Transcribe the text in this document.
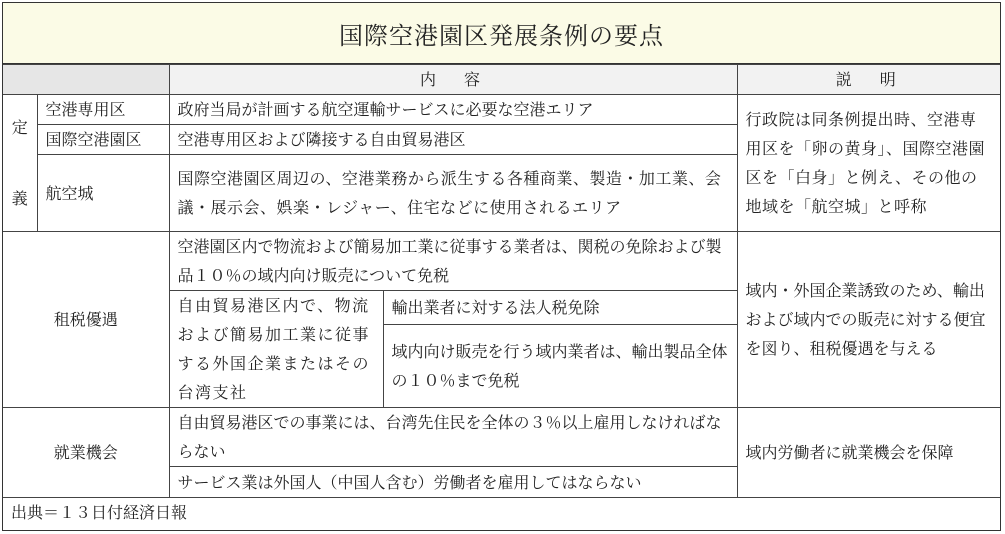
国際空港園区発展条例の要点
		内　容		説　明

定
義	空港専用区	政府当局が計画する航空運輸サービスに必要な空港エリア		行政院は同条例提出時、空港専用区を「卵の黄身」、国際空港園区を「白身」と例え、その他の地域を「航空城」と呼称
	国際空港園区	空港専用区および隣接する自由貿易港区		
	航空城	国際空港園区周辺の、空港業務から派生する各種商業、製造・加工業、会議・展示会、娯楽・レジャー、住宅などに使用されるエリア		
租税優遇		空港園区内で物流および簡易加工業に従事する業者は、関税の免除および製品１０％の域内向け販売について免税		域内・外国企業誘致のため、輸出および域内での販売に対する便宜を図り、租税優遇を与える
		自由貿易港区内で、物流および簡易加工業に従事する外国企業またはその台湾支社	輸出業者に対する法人税免除	
			域内向け販売を行う域内業者は、輸出製品全体の１０％まで免税	
就業機会		自由貿易港区での事業には、台湾先住民を全体の３％以上雇用しなければならない		域内労働者に就業機会を保障
		サービス業は外国人（中国人含む）労働者を雇用してはならない		
出典＝１３日付経済日報				
